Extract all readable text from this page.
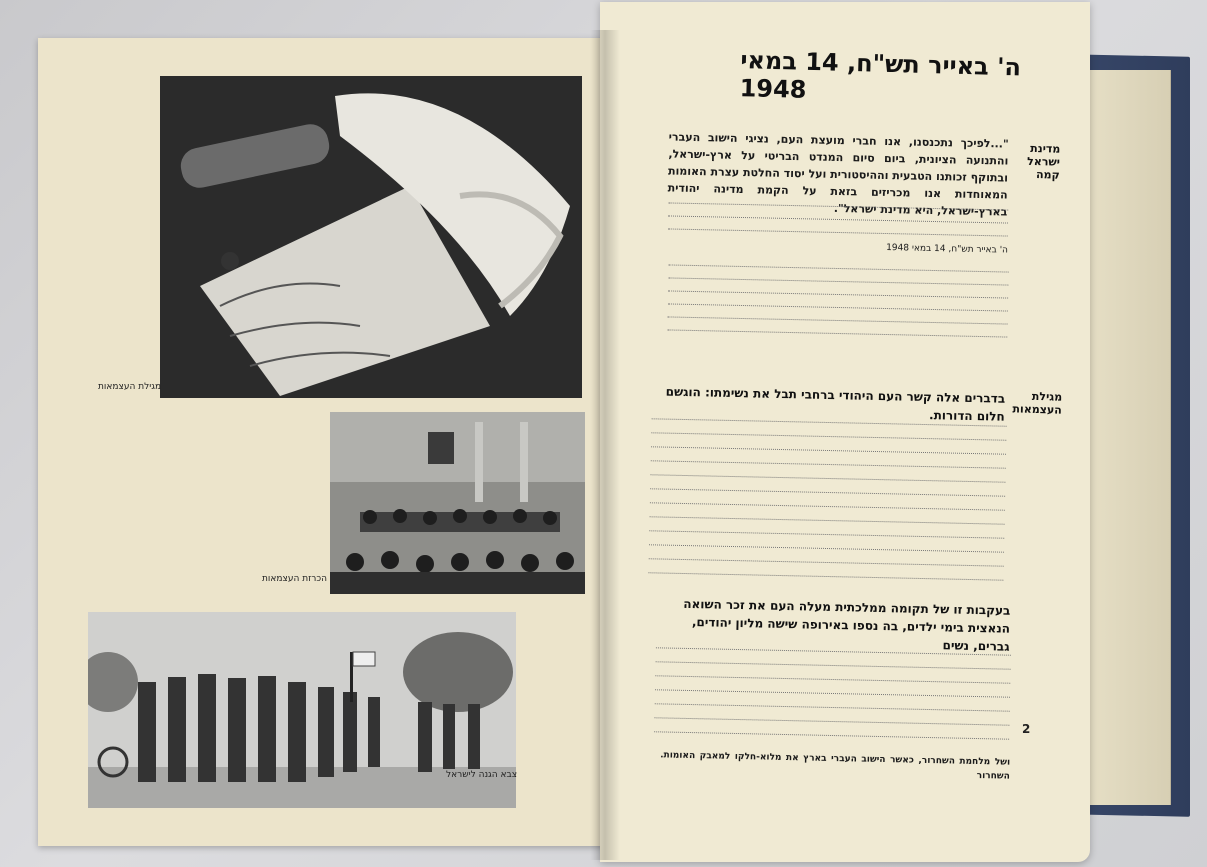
מגילת העצמאות
הכרזת העצמאות
צבא הגנה לישראל
ה' באייר תש"ח, 14 במאי 1948
מדינת ישראל קמה
"...לפיכך נתכנסנו, אנו חברי מועצת העם, נציגי הישוב העברי והתנועה הציונית, ביום סיום המנדט הבריטי על ארץ-ישראל, ובתוקף זכותנו הטבעית וההיסטורית ועל יסוד החלטת עצרת האומות המאוחדות אנו מכריזים בזאת על הקמת מדינה יהודית בארץ-ישראל, היא מדינת ישראל".
ה' באייר תש"ח, 14 במאי 1948
מגילת העצמאות
בדברים אלה קשר העם היהודי ברחבי תבל את נשימתו: הוגשם חלום הדורות.
בעקבות זו של תקומה ממלכתית מעלה העם את זכר השואה הנאצית בימי ילדים, בה נספו באירופה שישה מליון יהודים, גברים, נשים
ושל מלחמת השחרור, כאשר הישוב העברי בארץ את מלוא-חלקו למאבק האומות. השחרור
2
